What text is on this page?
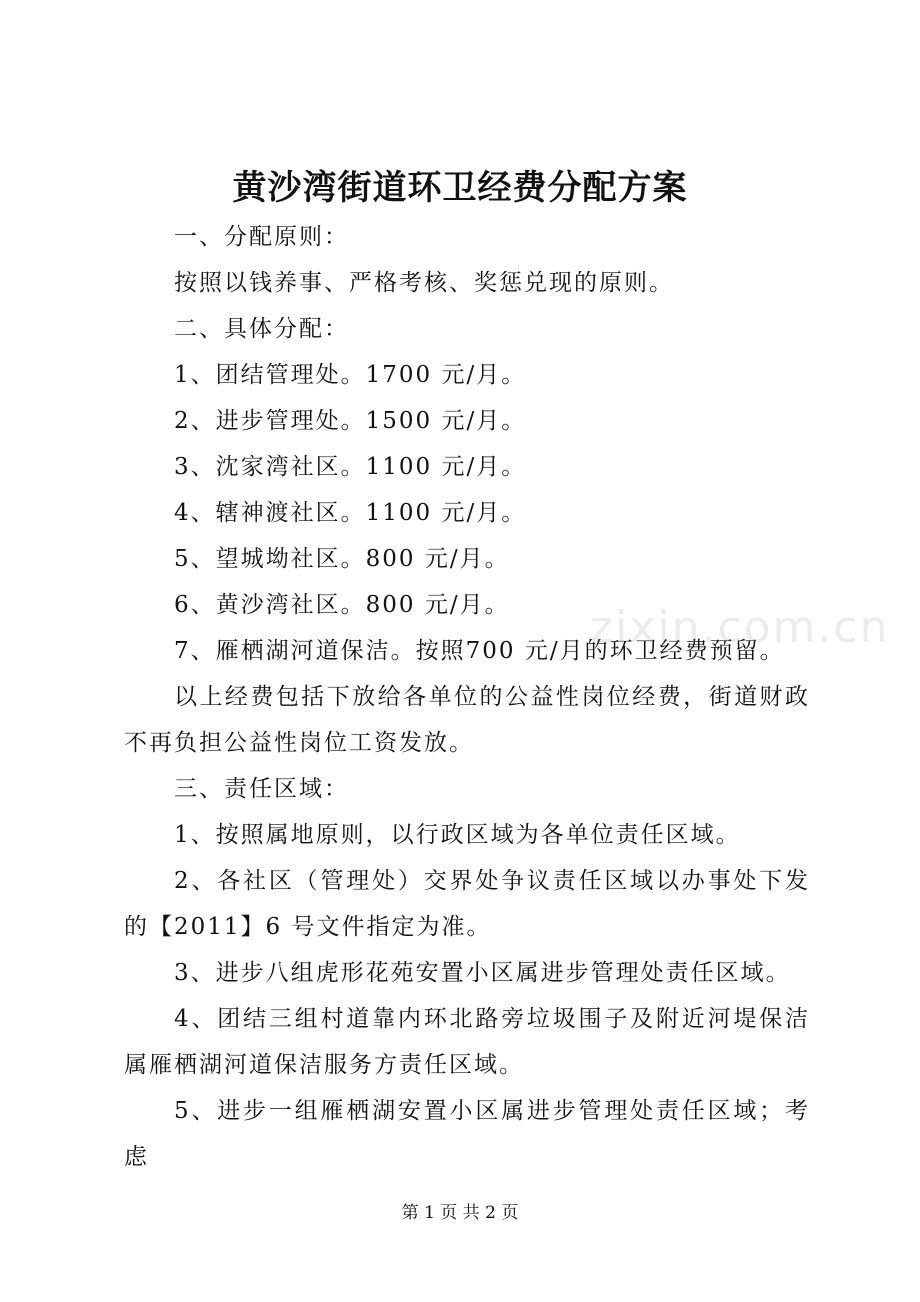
黄沙湾街道环卫经费分配方案

一、分配原则：

按照以钱养事、严格考核、奖惩兑现的原则。

二、具体分配：

1、团结管理处。1700 元/月。

2、进步管理处。1500 元/月。

3、沈家湾社区。1100 元/月。

4、辖神渡社区。1100 元/月。

5、望城坳社区。800 元/月。

6、黄沙湾社区。800 元/月。

7、雁栖湖河道保洁。按照700 元/月的环卫经费预留。

以上经费包括下放给各单位的公益性岗位经费，街道财政不再负担公益性岗位工资发放。

三、责任区域：

1、按照属地原则，以行政区域为各单位责任区域。

2、各社区（管理处）交界处争议责任区域以办事处下发的【2011】6 号文件指定为准。

3、进步八组虎形花苑安置小区属进步管理处责任区域。

4、团结三组村道靠内环北路旁垃圾围子及附近河堤保洁属雁栖湖河道保洁服务方责任区域。

5、进步一组雁栖湖安置小区属进步管理处责任区域；考虑

zixin.com.cn
第 1 页 共 2 页
